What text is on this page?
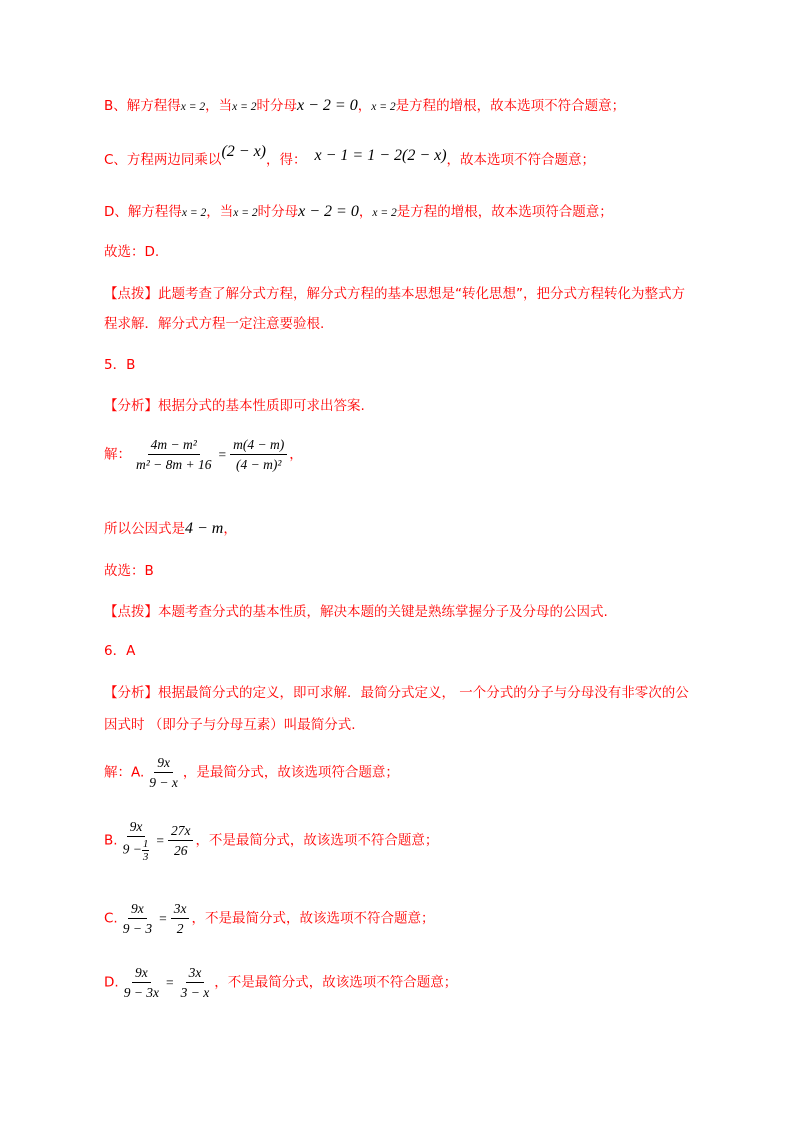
B、解方程得x = 2，当x = 2时分母x − 2 = 0，x = 2是方程的增根，故本选项不符合题意；
C、方程两边同乘以(2 − x)，得： x − 1 = 1 − 2(2 − x)，故本选项不符合题意；
D、解方程得x = 2，当x = 2时分母x − 2 = 0，x = 2是方程的增根，故本选项符合题意；
故选：D.
【点拨】此题考查了解分式方程，解分式方程的基本思想是“转化思想”，把分式方程转化为整式方
程求解．解分式方程一定注意要验根.
5．B
【分析】根据分式的基本性质即可求出答案.
解： $\frac{\text{4m − m²}}{\text{m² − 8m + 16}} = \frac{m(4 - m)}{\text{(4 − m)²}}$ ，
所以公因式是4 − m，
故选：B
【点拨】本题考查分式的基本性质，解决本题的关键是熟练掌握分子及分母的公因式.
6．A
【分析】根据最简分式的定义，即可求解．最简分式定义， 一个分式的分子与分母没有非零次的公
因式时 （即分子与分母互素）叫最简分式.
解：A. $\frac{9x}{9 - x}$ ，是最简分式，故该选项符合题意；
B. $\frac{9x}{9 - \frac{1}{3}} = \frac{27x}{26}$ ，不是最简分式，故该选项不符合题意；
C. $\frac{9x}{9 - 3} = \frac{3x}{2}$ ，不是最简分式，故该选项不符合题意；
D. $\frac{9x}{9 - 3x} = \frac{3x}{3 - x}$ ，不是最简分式，故该选项不符合题意；
